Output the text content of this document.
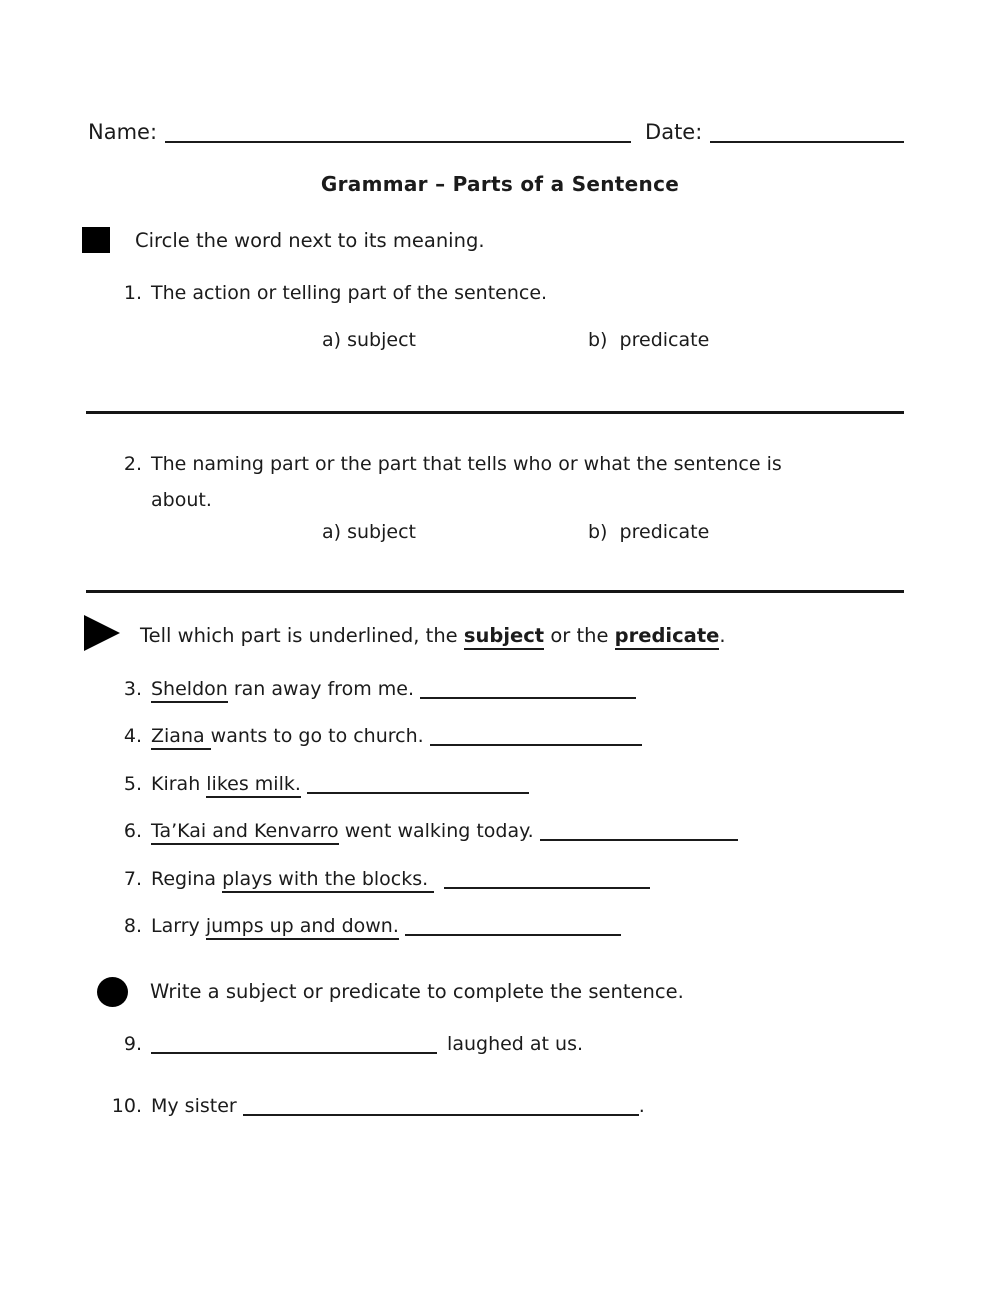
Name:	Date:
Grammar – Parts of a Sentence
Circle the word next to its meaning.
1. The action or telling part of the sentence.
a) subject	b)  predicate
2. The naming part or the part that tells who or what the sentence is
about.
a) subject	b)  predicate
Tell which part is underlined, the subject or the predicate.
3. Sheldon ran away from me.
4. Ziana wants to go to church.
5. Kirah likes milk.
6. Ta’Kai and Kenvarro went walking today.
7. Regina plays with the blocks.
8. Larry jumps up and down.
Write a subject or predicate to complete the sentence.
9.	laughed at us.
10. My sister	.
